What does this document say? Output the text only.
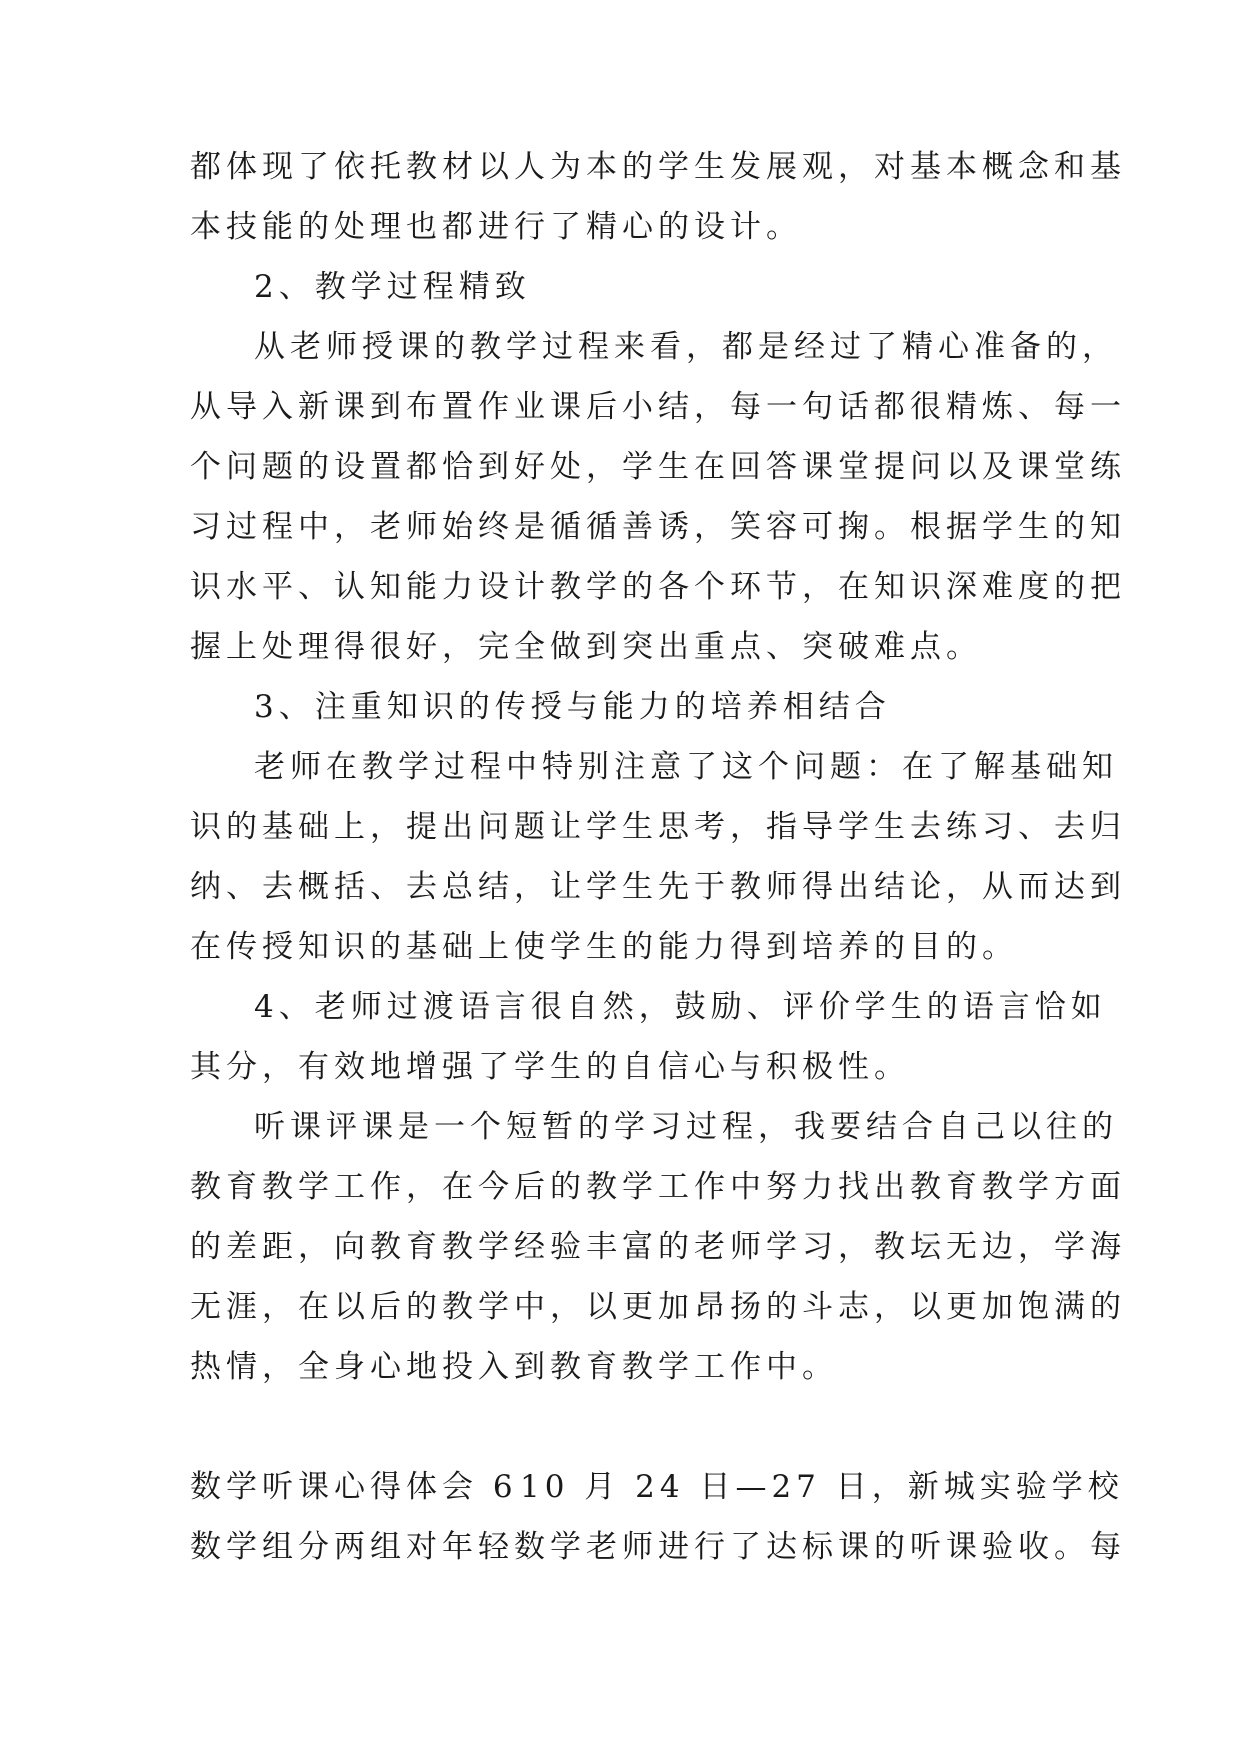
都体现了依托教材以人为本的学生发展观，对基本概念和基
本技能的处理也都进行了精心的设计。
2、教学过程精致
从老师授课的教学过程来看，都是经过了精心准备的，
从导入新课到布置作业课后小结，每一句话都很精炼、每一
个问题的设置都恰到好处，学生在回答课堂提问以及课堂练
习过程中，老师始终是循循善诱，笑容可掬。根据学生的知
识水平、认知能力设计教学的各个环节，在知识深难度的把
握上处理得很好，完全做到突出重点、突破难点。
3、注重知识的传授与能力的培养相结合
老师在教学过程中特别注意了这个问题：在了解基础知
识的基础上，提出问题让学生思考，指导学生去练习、去归
纳、去概括、去总结，让学生先于教师得出结论，从而达到
在传授知识的基础上使学生的能力得到培养的目的。
4、老师过渡语言很自然，鼓励、评价学生的语言恰如
其分，有效地增强了学生的自信心与积极性。
听课评课是一个短暂的学习过程，我要结合自己以往的
教育教学工作，在今后的教学工作中努力找出教育教学方面
的差距，向教育教学经验丰富的老师学习，教坛无边，学海
无涯，在以后的教学中，以更加昂扬的斗志，以更加饱满的
热情，全身心地投入到教育教学工作中。
数学听课心得体会 610 月 24 日—27 日，新城实验学校
数学组分两组对年轻数学老师进行了达标课的听课验收。每
